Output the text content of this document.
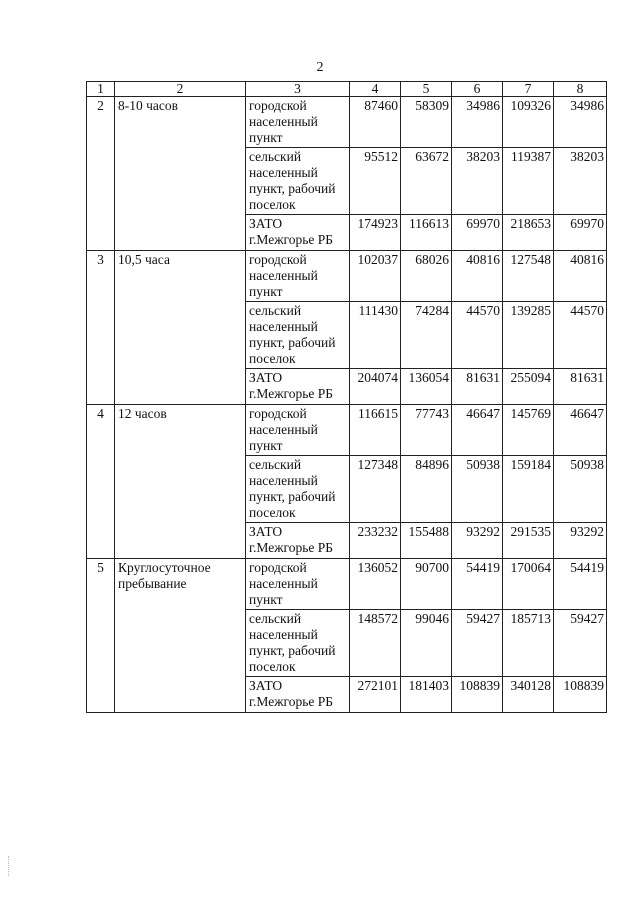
2
1	2	3	4	5	6	7	8
2	8-10 часов	городской населенный пункт	87460	58309	34986	109326	34986
		сельский населенный пункт, рабочий поселок	95512	63672	38203	119387	38203
		ЗАТО г.Межгорье РБ	174923	116613	69970	218653	69970
3	10,5 часа	городской населенный пункт	102037	68026	40816	127548	40816
		сельский населенный пункт, рабочий поселок	111430	74284	44570	139285	44570
		ЗАТО г.Межгорье РБ	204074	136054	81631	255094	81631
4	12 часов	городской населенный пункт	116615	77743	46647	145769	46647
		сельский населенный пункт, рабочий поселок	127348	84896	50938	159184	50938
		ЗАТО г.Межгорье РБ	233232	155488	93292	291535	93292
5	Круглосуточное пребывание	городской населенный пункт	136052	90700	54419	170064	54419
		сельский населенный пункт, рабочий поселок	148572	99046	59427	185713	59427
		ЗАТО г.Межгорье РБ	272101	181403	108839	340128	108839
